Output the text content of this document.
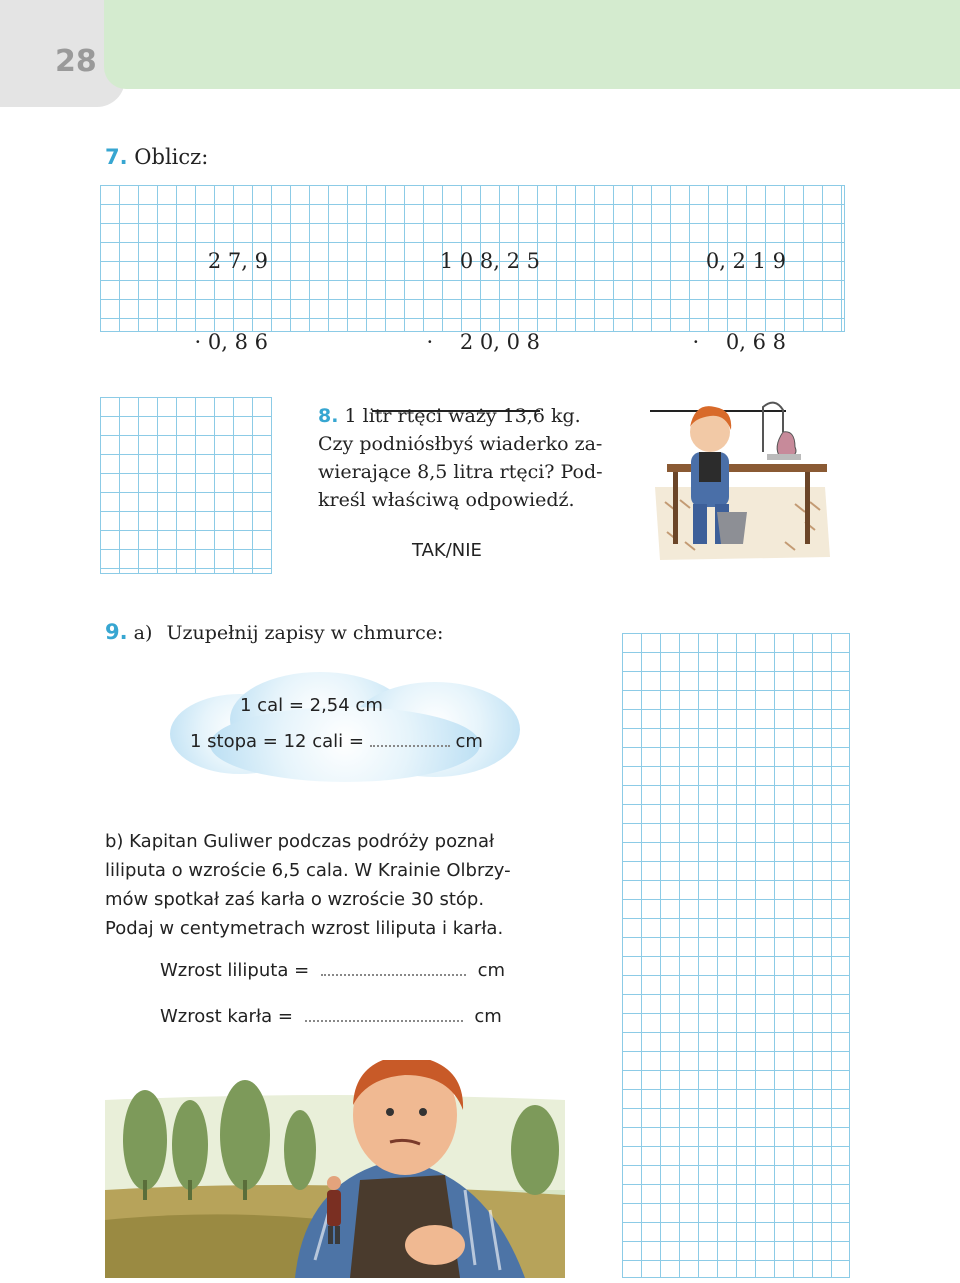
28
7. Oblicz:

2 7, 9

· 0, 8 6

1 0 8, 2 5

·    2 0, 0 8

0, 2 1 9

·    0, 6 8

8. 1 litr rtęci waży 13,6 kg.
Czy podniósłbyś wiaderko za-
wierające 8,5 litra rtęci? Pod-
kreśl właściwą odpowiedź.
TAK/NIE
9. a) Uzupełnij zapisy w chmurce:
1 cal = 2,54 cm
1 stopa = 12 cali =	cm
b) Kapitan Guliwer podczas podróży poznał
liliputa o wzroście 6,5 cala. W Krainie Olbrzy-
mów spotkał zaś karła o wzroście 30 stóp.
Podaj w centymetrach wzrost liliputa i karła.
Wzrost liliputa =	cm
Wzrost karła =	cm
